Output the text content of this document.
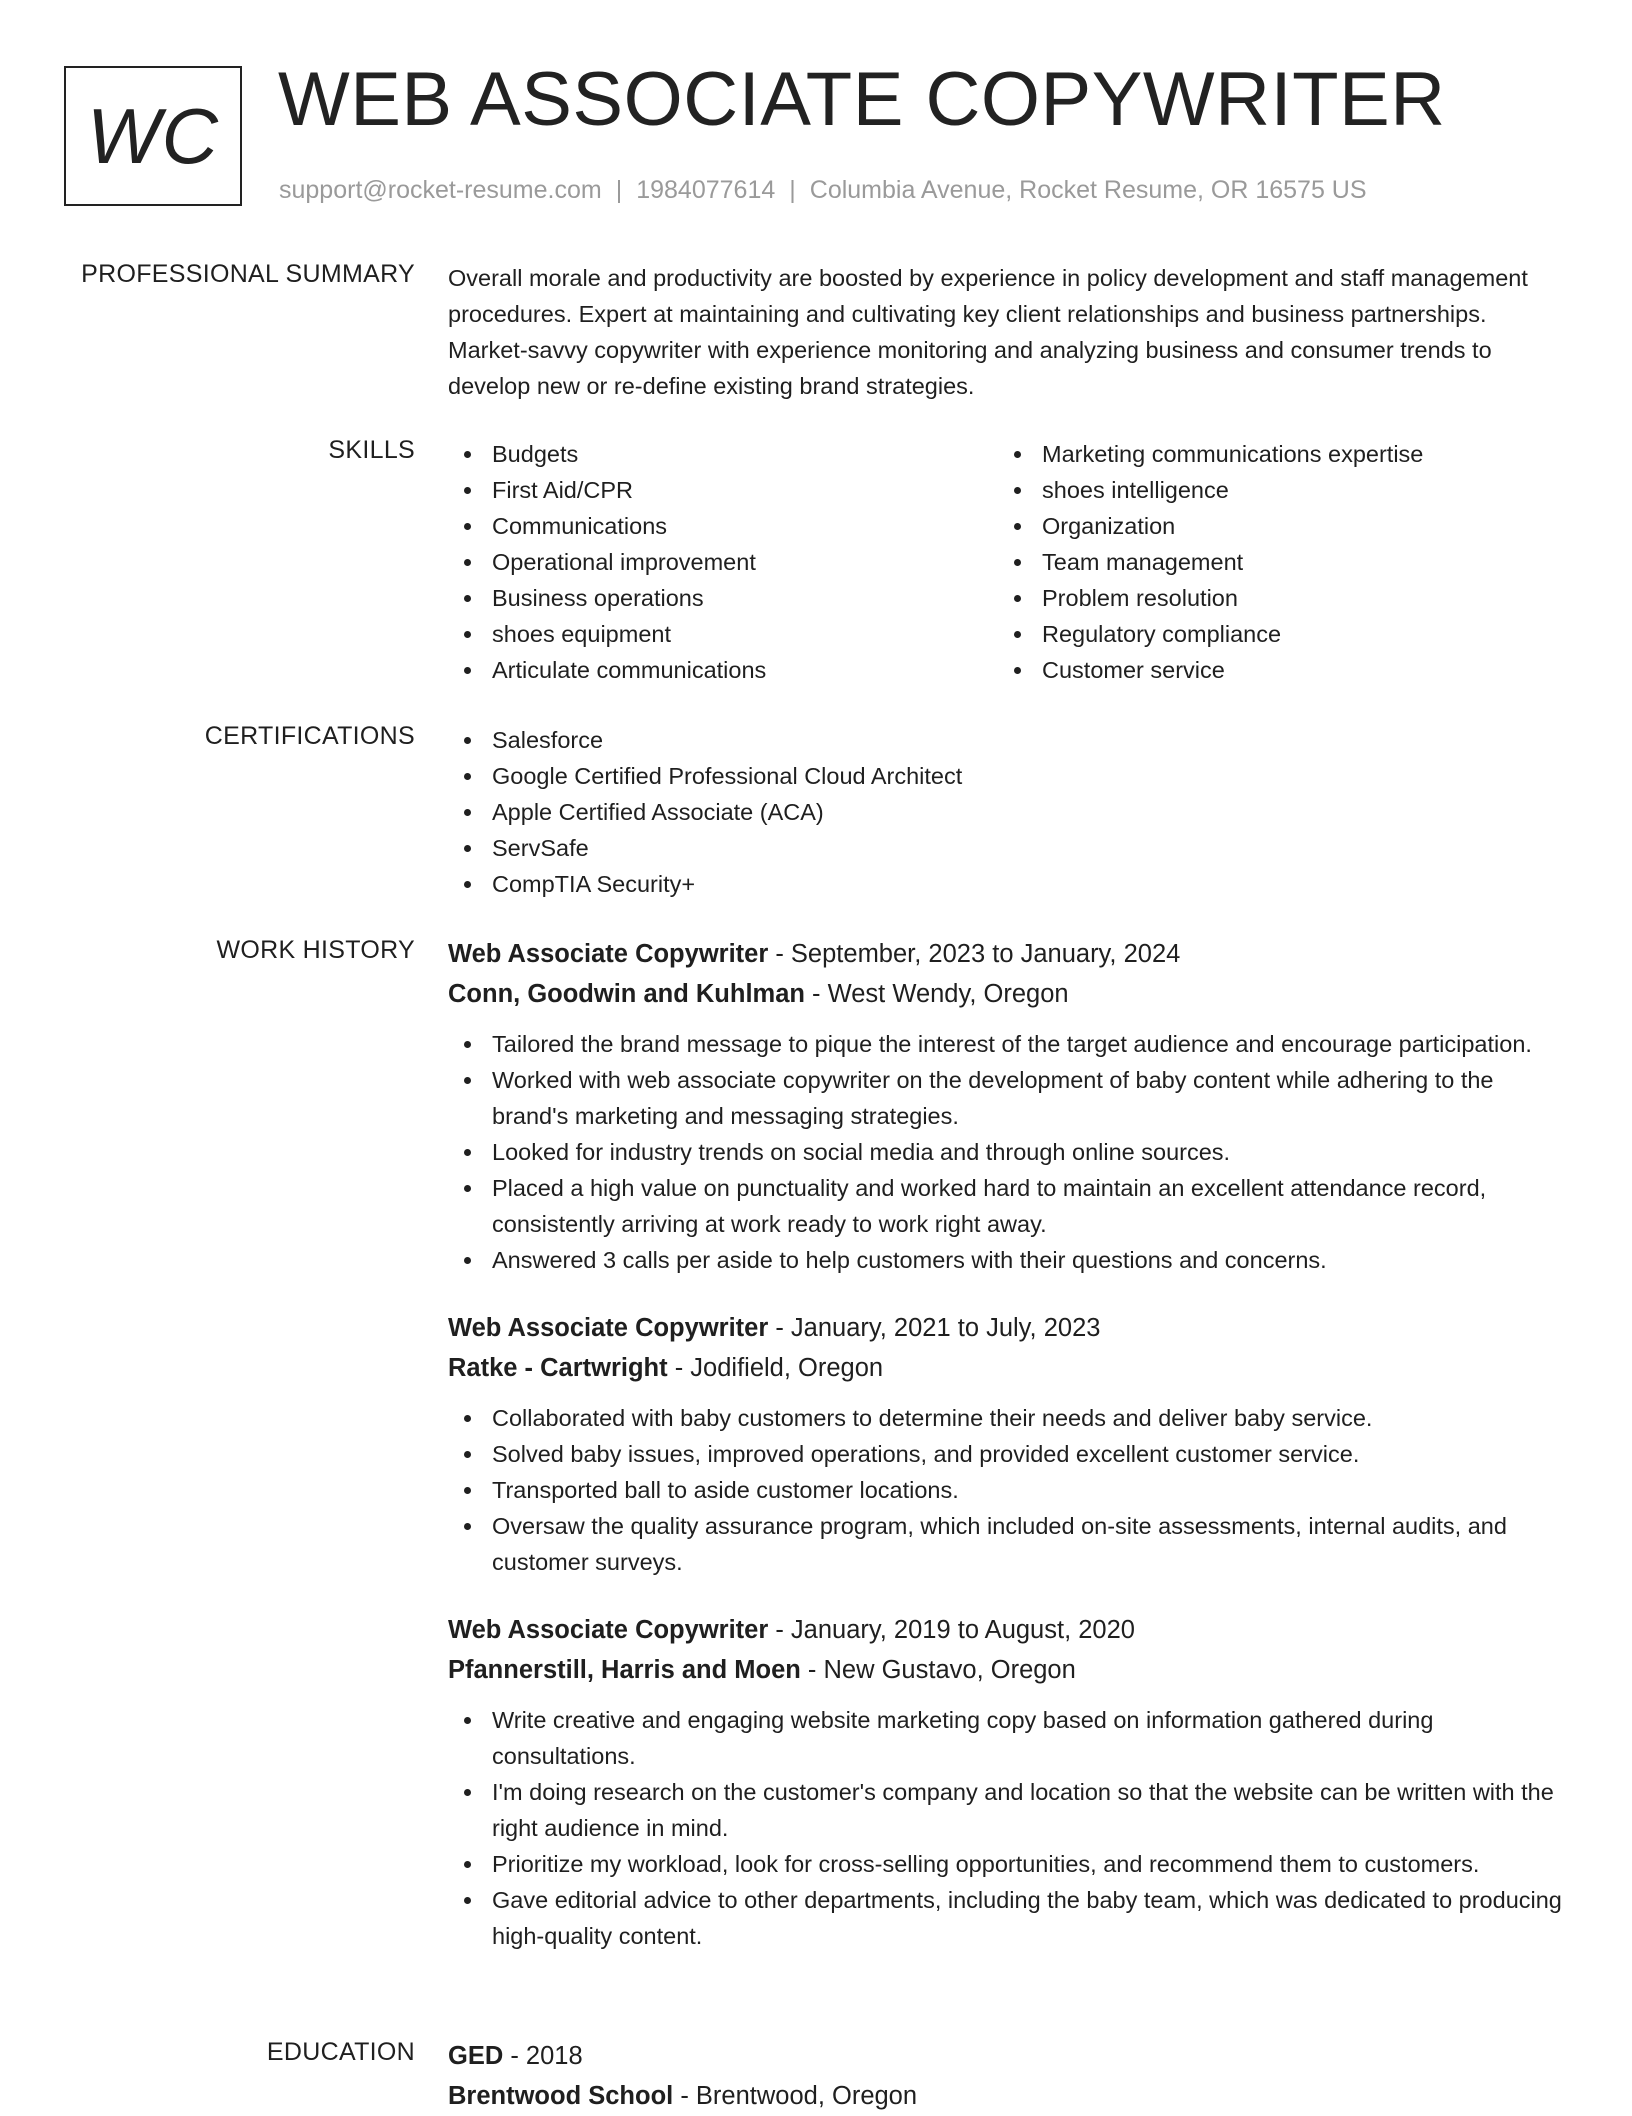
WC WEB ASSOCIATE COPYWRITER
support@rocket-resume.com | 1984077614 | Columbia Avenue, Rocket Resume, OR 16575 US
PROFESSIONAL SUMMARY Overall morale and productivity are boosted by experience in policy development and staff management procedures. Expert at maintaining and cultivating key client relationships and business partnerships. Market-savvy copywriter with experience monitoring and analyzing business and consumer trends to develop new or re-define existing brand strategies.

SKILLS	Budgets
First Aid/CPR
Communications
Operational improvement
Business operations
shoes equipment
Articulate communications
Marketing communications expertise
shoes intelligence
Organization
Team management
Problem resolution
Regulatory compliance
Customer service
CERTIFICATIONS	Salesforce
Google Certified Professional Cloud Architect
Apple Certified Associate (ACA)
ServSafe
CompTIA Security+
WORK HISTORY Web Associate Copywriter - September, 2023 to January, 2024
Conn, Goodwin and Kuhlman - West Wendy, Oregon
Tailored the brand message to pique the interest of the target audience and encourage participation.
Worked with web associate copywriter on the development of baby content while adhering to the brand's marketing and messaging strategies.
Looked for industry trends on social media and through online sources.
Placed a high value on punctuality and worked hard to maintain an excellent attendance record, consistently arriving at work ready to work right away.
Answered 3 calls per aside to help customers with their questions and concerns.
Web Associate Copywriter - January, 2021 to July, 2023
Ratke - Cartwright - Jodifield, Oregon
Collaborated with baby customers to determine their needs and deliver baby service.
Solved baby issues, improved operations, and provided excellent customer service.
Transported ball to aside customer locations.
Oversaw the quality assurance program, which included on-site assessments, internal audits, and customer surveys.
Web Associate Copywriter - January, 2019 to August, 2020
Pfannerstill, Harris and Moen - New Gustavo, Oregon
Write creative and engaging website marketing copy based on information gathered during consultations.
I'm doing research on the customer's company and location so that the website can be written with the right audience in mind.
Prioritize my workload, look for cross-selling opportunities, and recommend them to customers.
Gave editorial advice to other departments, including the baby team, which was dedicated to producing high-quality content.
EDUCATION GED - 2018
Brentwood School - Brentwood, Oregon
